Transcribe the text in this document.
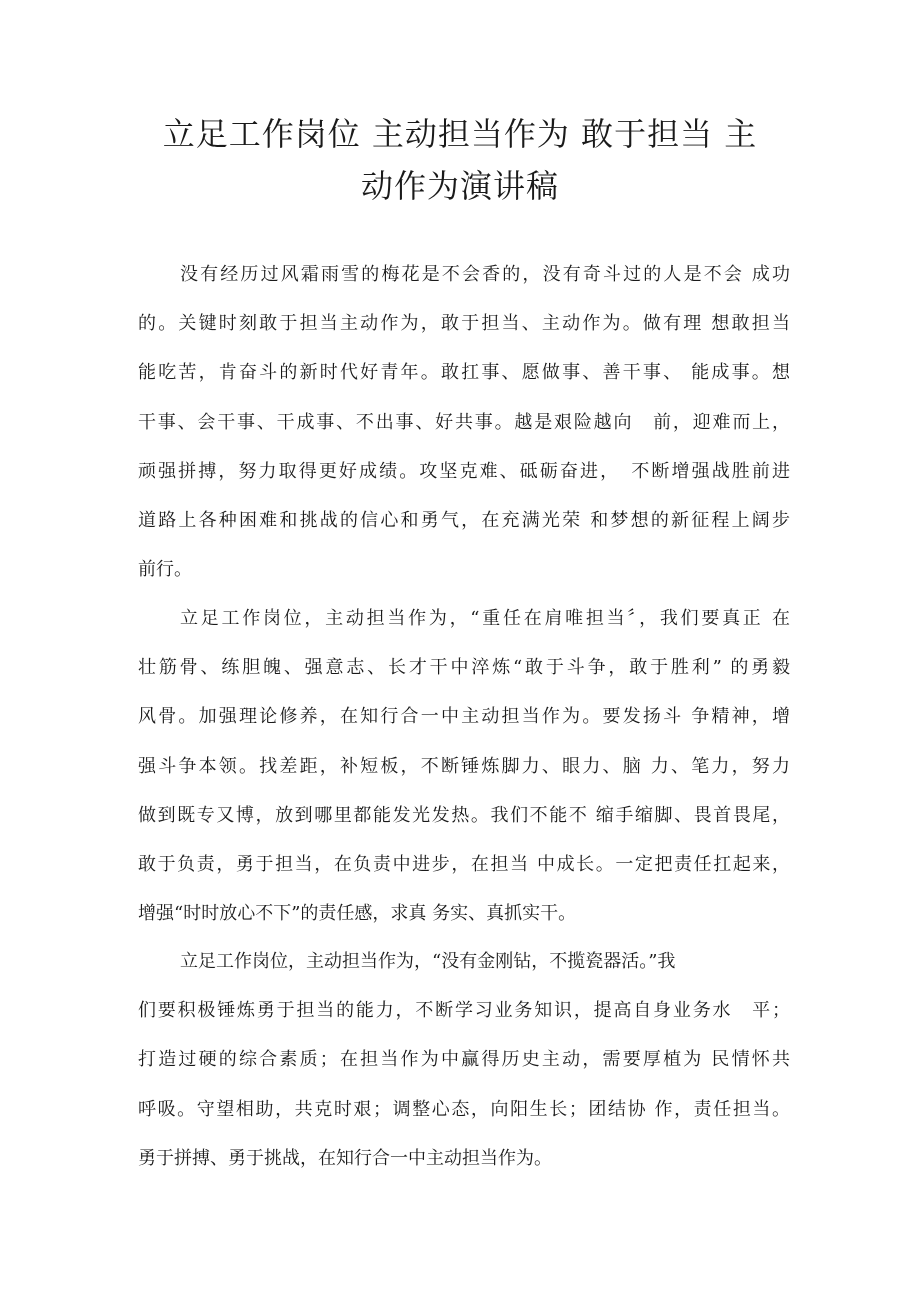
立足工作岗位 主动担当作为 敢于担当 主
动作为演讲稿
没有经历过风霜雨雪的梅花是不会香的，没有奇斗过的人是不会 成功
的。关键时刻敢于担当主动作为，敢于担当、主动作为。做有理 想敢担当
能吃苦，肯奋斗的新时代好青年。敢扛事、愿做事、善干事、 能成事。想
干事、会干事、干成事、不出事、好共事。越是艰险越向　前，迎难而上，
顽强拼搏，努力取得更好成绩。攻坚克难、砥砺奋进，　不断增强战胜前进
道路上各种困难和挑战的信心和勇气，在充满光荣 和梦想的新征程上阔步
前行。
立足工作岗位，主动担当作为，“重任在肩唯担当〞，我们要真正 在
壮筋骨、练胆魄、强意志、长才干中淬炼“敢于斗争，敢于胜利” 的勇毅
风骨。加强理论修养，在知行合一中主动担当作为。要发扬斗 争精神，增
强斗争本领。找差距，补短板，不断锤炼脚力、眼力、脑 力、笔力，努力
做到既专又博，放到哪里都能发光发热。我们不能不 缩手缩脚、畏首畏尾，
敢于负责，勇于担当，在负责中进步，在担当 中成长。一定把责任扛起来，
增强“时时放心不下”的责任感，求真 务实、真抓实干。
立足工作岗位，主动担当作为，“没有金刚钻，不揽瓷器活。”我
们要积极锤炼勇于担当的能力，不断学习业务知识，提高自身业务水　平；
打造过硬的综合素质；在担当作为中赢得历史主动，需要厚植为 民情怀共
呼吸。守望相助，共克时艰；调整心态，向阳生长；团结协 作，责任担当。
勇于拼搏、勇于挑战，在知行合一中主动担当作为。
